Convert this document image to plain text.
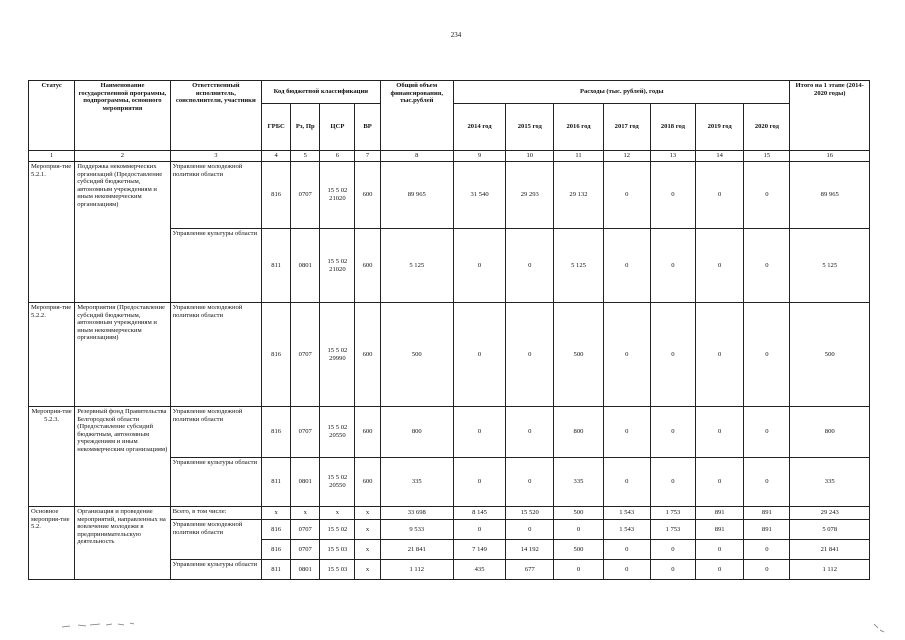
234
Статус	Наименование государственной программы, подпрограммы, основного мероприятия	Ответственный исполнитель, соисполнители, участники	Код бюджетной классификации				Общий объем финансирования, тыс.рублей	Расходы (тыс. рублей), годы							Итого на 1 этапе (2014-2020 годы)
			ГРБС	Рз, Пр	ЦСР	ВР		2014 год	2015 год	2016 год	2017 год	2018 год	2019 год	2020 год	
1	2	3	4	5	6	7	8	9	10	11	12	13	14	15	16
Мероприя-тие 5.2.1.	Поддержка некоммерческих организаций (Предоставление субсидий бюджетным, автономным учреждениям и иным некоммерческим организациям)	Управление молодежной политики области	816	0707	15 5 02 21020	600	89 965	31 540	29 293	29 132	0	0	0	0	89 965
		Управление культуры области	811	0801	15 5 02 21020	600	5 125	0	0	5 125	0	0	0	0	5 125
Мероприя-тие 5.2.2.	Мероприятия (Предоставление субсидий бюджетным, автономным учреждениям и иным некоммерческим организациям)	Управление молодежной политики области	816	0707	15 5 02 29990	600	500	0	0	500	0	0	0	0	500
Мероприя-тие 5.2.3.	Резервный фонд Правительства Белгородской области (Предоставление субсидий бюджетным, автономным учреждениям и иным некоммерческим организациям)	Управление молодежной политики области	816	0707	15 5 02 20550	600	800	0	0	800	0	0	0	0	800
		Управление культуры области	811	0801	15 5 02 20550	600	335	0	0	335	0	0	0	0	335
Основное мероприя-тие 5.2.	Организация и проведение мероприятий, направленных на вовлечение молодежи в предпринимательскую деятельность	Всего, в том числе:	x	x	x	x	33 698	8 145	15 520	500	1 543	1 753	891	891	29 243
		Управление молодежной политики области	816	0707	15 5 02	x	9 533	0	0	0	1 543	1 753	891	891	5 078
			816	0707	15 5 03	x	21 841	7 149	14 192	500	0	0	0	0	21 841
		Управление культуры области	811	0801	15 5 03	x	1 112	435	677	0	0	0	0	0	1 112
